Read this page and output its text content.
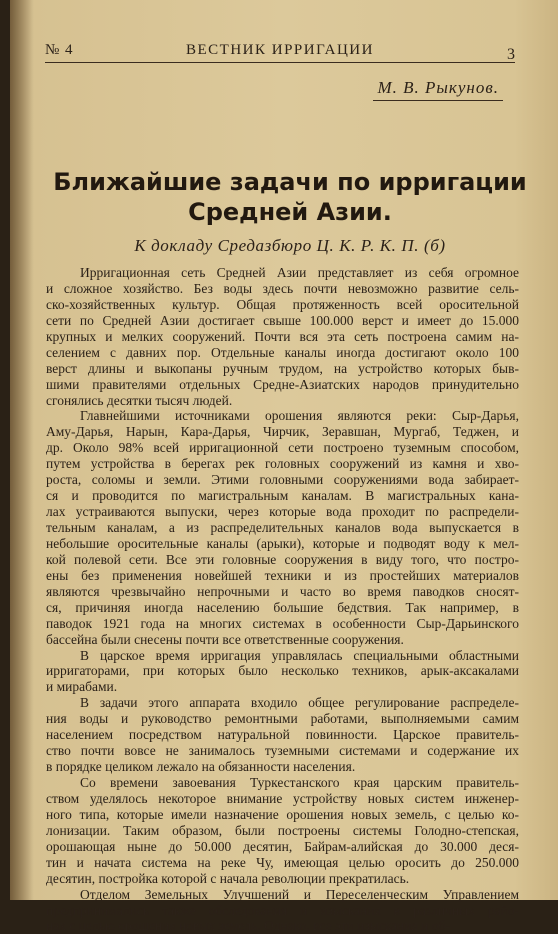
№ 4	ВЕСТНИК ИРРИГАЦИИ	3
М. В. Рыкунов.
Ближайшие задачи по ирригации
Средней Азии.
К докладу Средазбюро Ц. К. Р. К. П. (б)
Ирригационная сеть Средней Азии представляет из себя огромное
и сложное хозяйство. Без воды здесь почти невозможно развитие сель-
ско-хозяйственных культур. Общая протяженность всей оросительной
сети по Средней Азии достигает свыше 100.000 верст и имеет до 15.000
крупных и мелких сооружений. Почти вся эта сеть построена самим на-
селением с давних пор. Отдельные каналы иногда достигают около 100
верст длины и выкопаны ручным трудом, на устройство которых быв-
шими правителями отдельных Средне-Азиатских народов принудительно
сгонялись десятки тысяч людей.
Главнейшими источниками орошения являются реки: Сыр-Дарья,
Аму-Дарья, Нарын, Кара-Дарья, Чирчик, Зеравшан, Мургаб, Теджен, и
др. Около 98% всей ирригационной сети построено туземным способом,
путем устройства в берегах рек головных сооружений из камня и хво-
роста, соломы и земли. Этими головными сооружениями вода забирает-
ся и проводится по магистральным каналам. В магистральных кана-
лах устраиваются выпуски, через которые вода проходит по распредели-
тельным каналам, а из распределительных каналов вода выпускается в
небольшие оросительные каналы (арыки), которые и подводят воду к мел-
кой полевой сети. Все эти головные сооружения в виду того, что постро-
ены без применения новейшей техники и из простейших материалов
являются чрезвычайно непрочными и часто во время паводков сносят-
ся, причиняя иногда населению большие бедствия. Так например, в
паводок 1921 года на многих системах в особенности Сыр-Дарьинского
бассейна были снесены почти все ответственные сооружения.
В царское время ирригация управлялась специальными областными
ирригаторами, при которых было несколько техников, арык-аксакалами
и мирабами.
В задачи этого аппарата входило общее регулирование распределе-
ния воды и руководство ремонтными работами, выполняемыми самим
населением посредством натуральной повинности. Царское правитель-
ство почти вовсе не занималось туземными системами и содержание их
в порядке целиком лежало на обязанности населения.
Со времени завоевания Туркестанского края царским правитель-
ством уделялось некоторое внимание устройству новых систем инженер-
ного типа, которые имели назначение орошения новых земель, с целью ко-
лонизации. Таким образом, были построены системы Голодно-степская,
орошающая ныне до 50.000 десятин, Байрам-алийская до 30.000 деся-
тин и начата система на реке Чу, имеющая целью оросить до 250.000
десятин, постройка которой с начала революции прекратилась.
Отделом Земельных Улучшений и Переселенческим Управлением
предпринимались также обследования и изыскания в различных райо-
нах с целью орошения новых земель. Однако, все эти изыскания и об-
